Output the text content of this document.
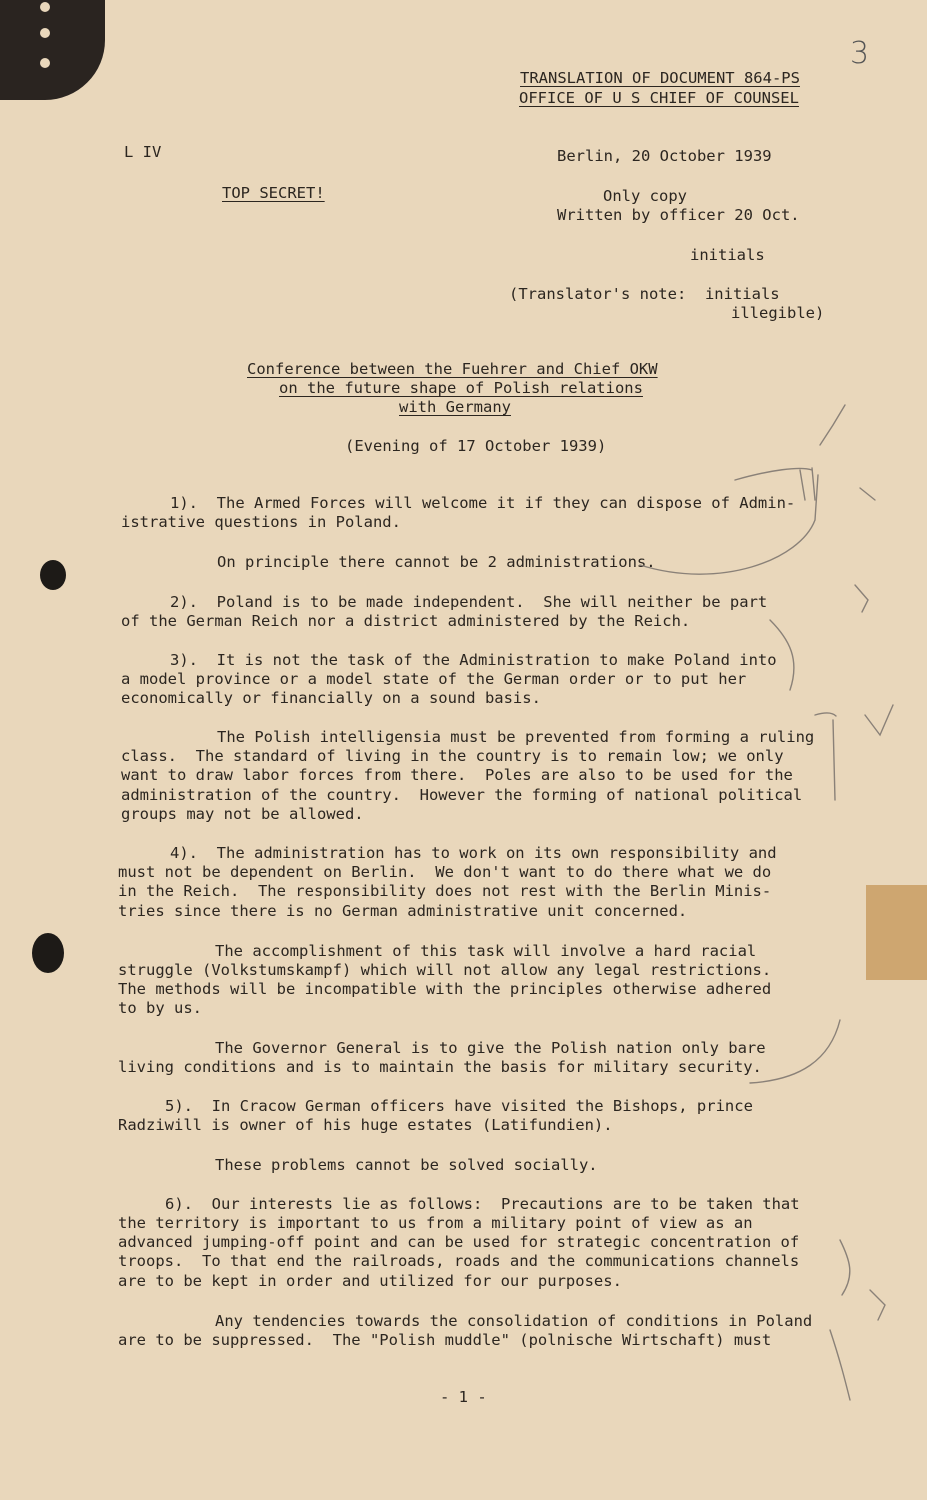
3

TRANSLATION OF DOCUMENT 864-PS

OFFICE OF U S CHIEF OF COUNSEL

L IV	Berlin, 20 October 1939

TOP SECRET!	Only copy

Written by officer 20 Oct.

initials

(Translator's note:  initials

illegible)

Conference between the Fuehrer and Chief OKW

on the future shape of Polish relations

with Germany

(Evening of 17 October 1939)

1).  The Armed Forces will welcome it if they can dispose of Admin-

istrative questions in Poland.

On principle there cannot be 2 administrations.

2).  Poland is to be made independent.  She will neither be part

of the German Reich nor a district administered by the Reich.

3).  It is not the task of the Administration to make Poland into

a model province or a model state of the German order or to put her

economically or financially on a sound basis.

The Polish intelligensia must be prevented from forming a ruling

class.  The standard of living in the country is to remain low; we only

want to draw labor forces from there.  Poles are also to be used for the

administration of the country.  However the forming of national political

groups may not be allowed.

4).  The administration has to work on its own responsibility and

must not be dependent on Berlin.  We don't want to do there what we do

in the Reich.  The responsibility does not rest with the Berlin Minis-

tries since there is no German administrative unit concerned.

The accomplishment of this task will involve a hard racial

struggle (Volkstumskampf) which will not allow any legal restrictions.

The methods will be incompatible with the principles otherwise adhered

to by us.

The Governor General is to give the Polish nation only bare

living conditions and is to maintain the basis for military security.

5).  In Cracow German officers have visited the Bishops, prince

Radziwill is owner of his huge estates (Latifundien).

These problems cannot be solved socially.

6).  Our interests lie as follows:  Precautions are to be taken that

the territory is important to us from a military point of view as an

advanced jumping-off point and can be used for strategic concentration of

troops.  To that end the railroads, roads and the communications channels

are to be kept in order and utilized for our purposes.

Any tendencies towards the consolidation of conditions in Poland

are to be suppressed.  The "Polish muddle" (polnische Wirtschaft) must

- 1 -
